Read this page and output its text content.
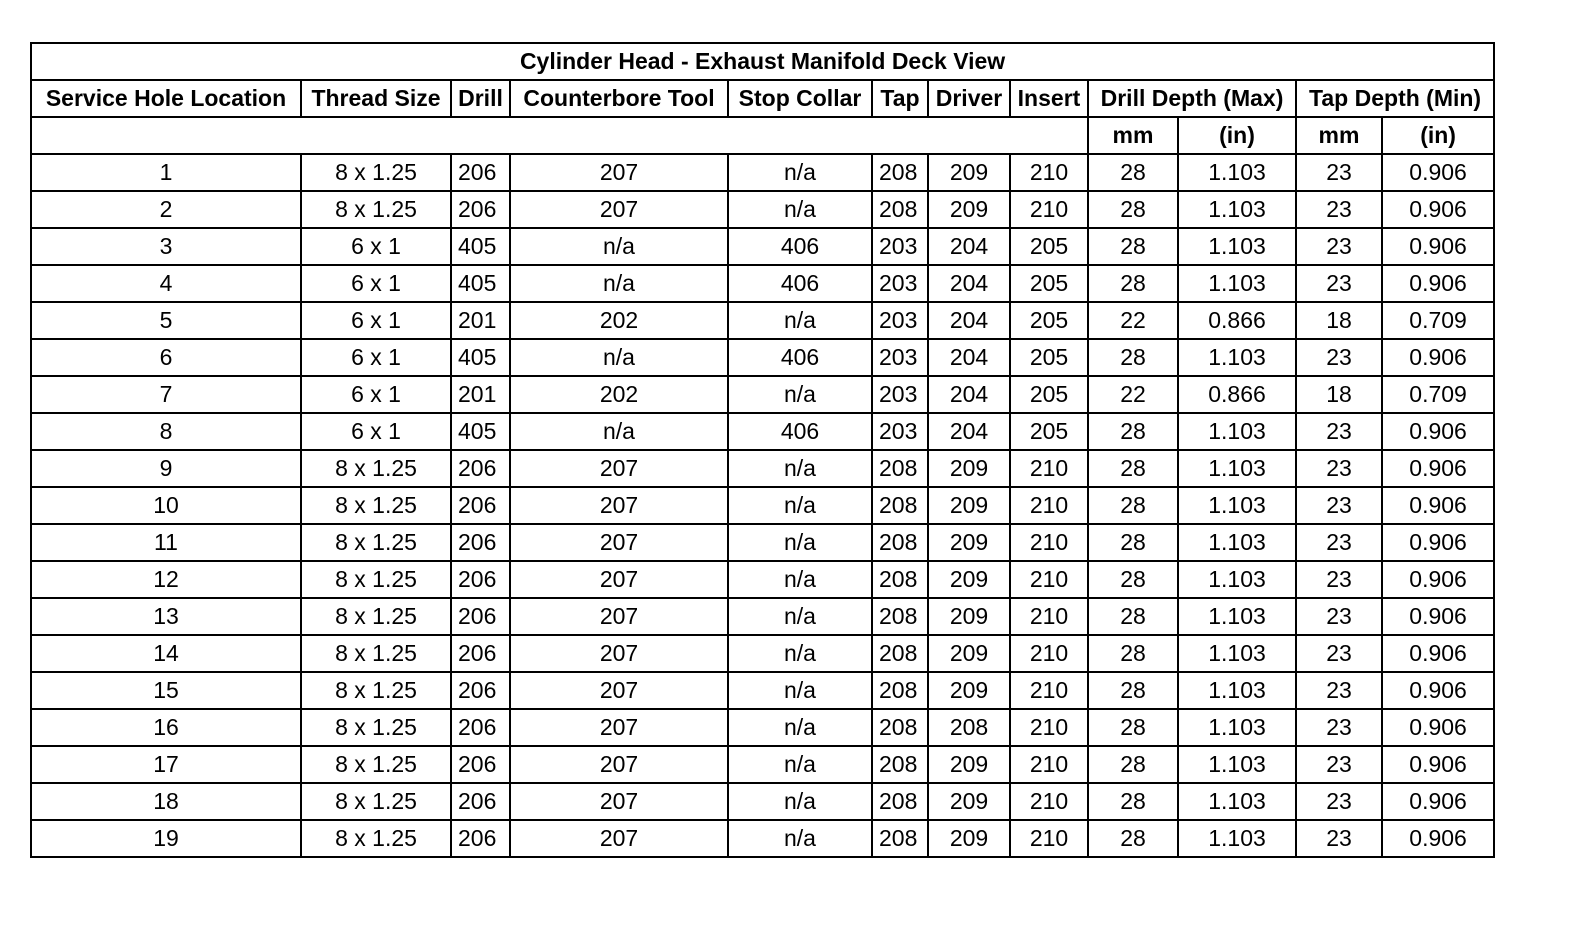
Cylinder Head - Exhaust Manifold Deck View											
Service Hole Location	Thread Size	Drill	Counterbore Tool	Stop Collar	Tap	Driver	Insert	Drill Depth (Max)		Tap Depth (Min)	
								mm	(in)	mm	(in)
1	8 x 1.25	206	207	n/a	208	209	210	28	1.103	23	0.906
2	8 x 1.25	206	207	n/a	208	209	210	28	1.103	23	0.906
3	6 x 1	405	n/a	406	203	204	205	28	1.103	23	0.906
4	6 x 1	405	n/a	406	203	204	205	28	1.103	23	0.906
5	6 x 1	201	202	n/a	203	204	205	22	0.866	18	0.709
6	6 x 1	405	n/a	406	203	204	205	28	1.103	23	0.906
7	6 x 1	201	202	n/a	203	204	205	22	0.866	18	0.709
8	6 x 1	405	n/a	406	203	204	205	28	1.103	23	0.906
9	8 x 1.25	206	207	n/a	208	209	210	28	1.103	23	0.906
10	8 x 1.25	206	207	n/a	208	209	210	28	1.103	23	0.906
11	8 x 1.25	206	207	n/a	208	209	210	28	1.103	23	0.906
12	8 x 1.25	206	207	n/a	208	209	210	28	1.103	23	0.906
13	8 x 1.25	206	207	n/a	208	209	210	28	1.103	23	0.906
14	8 x 1.25	206	207	n/a	208	209	210	28	1.103	23	0.906
15	8 x 1.25	206	207	n/a	208	209	210	28	1.103	23	0.906
16	8 x 1.25	206	207	n/a	208	208	210	28	1.103	23	0.906
17	8 x 1.25	206	207	n/a	208	209	210	28	1.103	23	0.906
18	8 x 1.25	206	207	n/a	208	209	210	28	1.103	23	0.906
19	8 x 1.25	206	207	n/a	208	209	210	28	1.103	23	0.906
